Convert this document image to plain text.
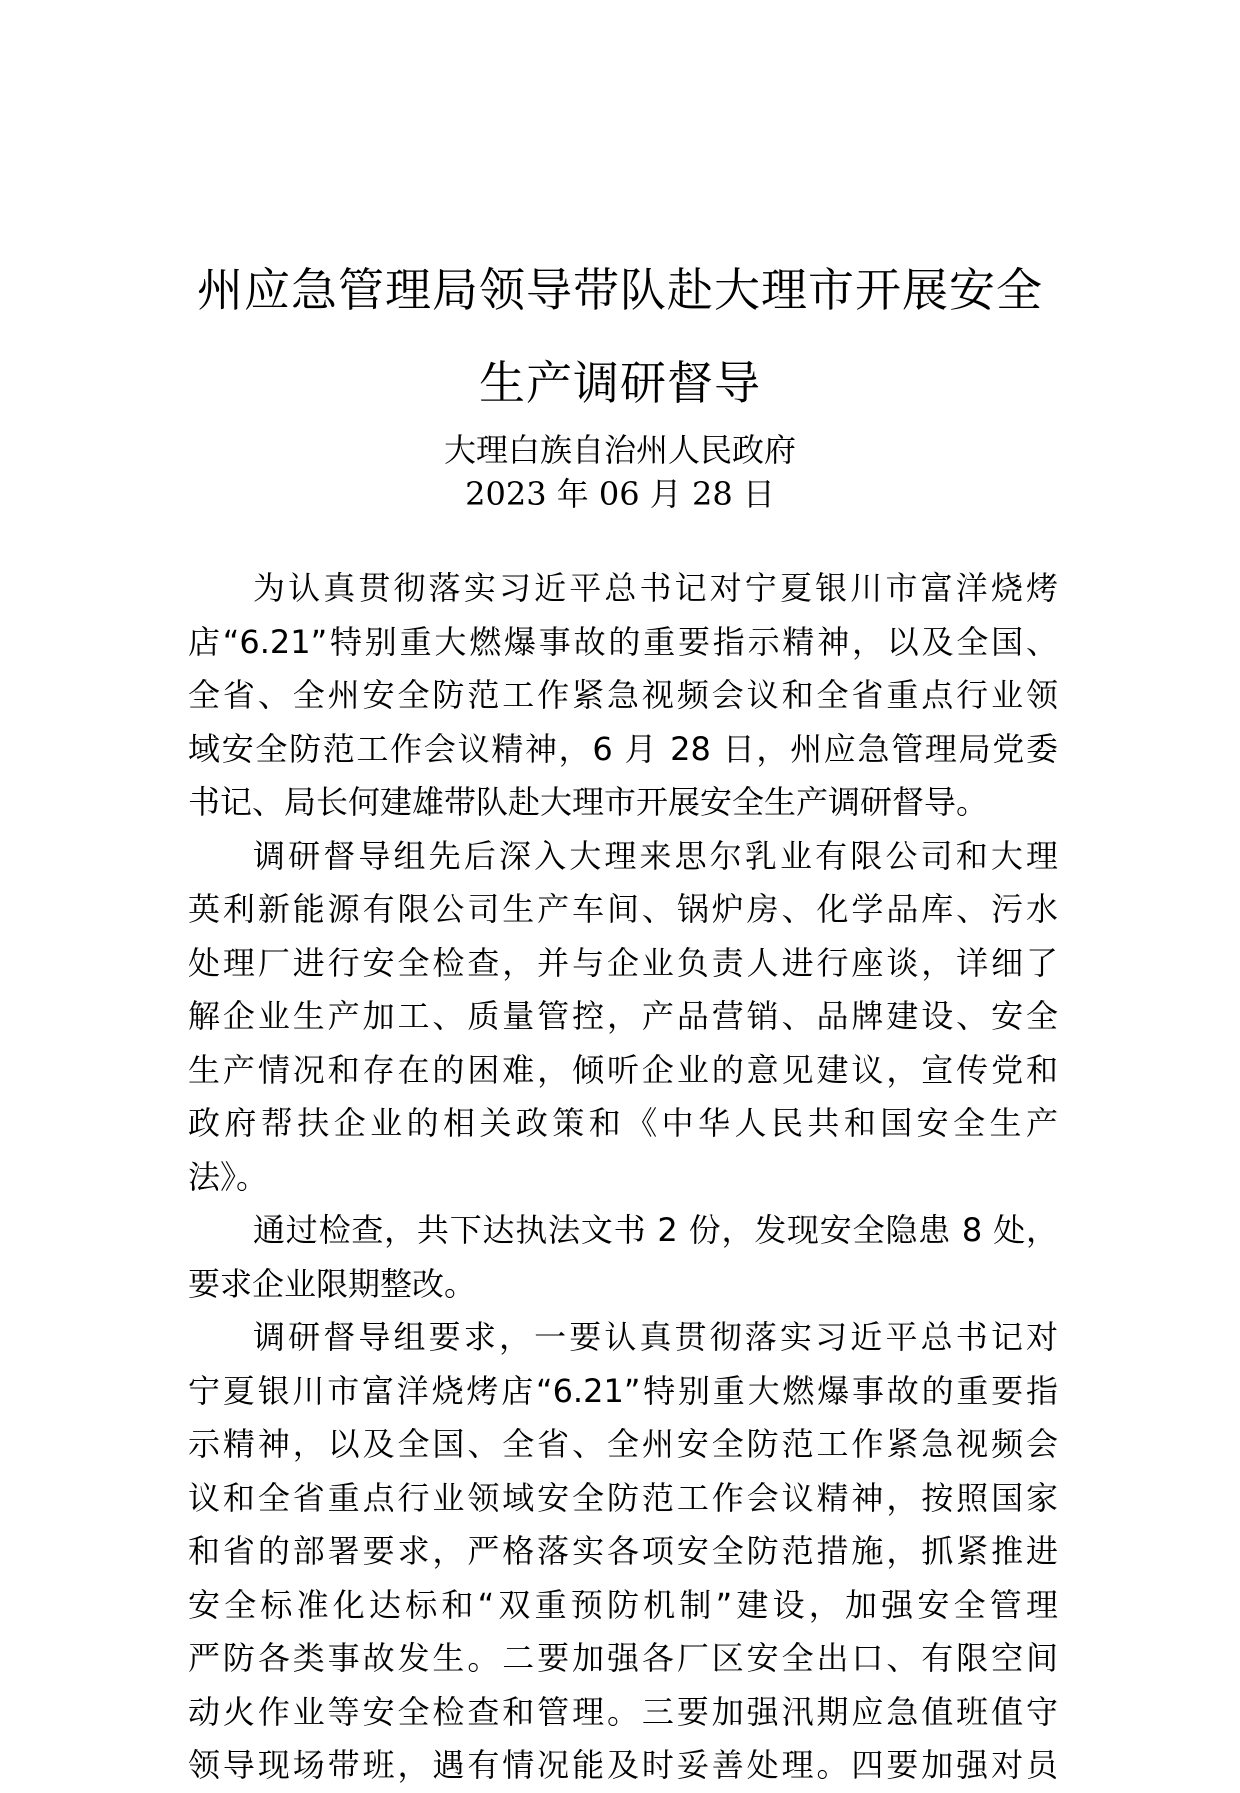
州应急管理局领导带队赴大理市开展安全
生产调研督导
大理白族自治州人民政府
2023 年 06 月 28 日
为认真贯彻落实习近平总书记对宁夏银川市富洋烧烤
店“6.21”特别重大燃爆事故的重要指示精神，以及全国、
全省、全州安全防范工作紧急视频会议和全省重点行业领
域安全防范工作会议精神，6 月 28 日，州应急管理局党委
书记、局长何建雄带队赴大理市开展安全生产调研督导。
调研督导组先后深入大理来思尔乳业有限公司和大理
英利新能源有限公司生产车间、锅炉房、化学品库、污水
处理厂进行安全检查，并与企业负责人进行座谈，详细了
解企业生产加工、质量管控，产品营销、品牌建设、安全
生产情况和存在的困难，倾听企业的意见建议，宣传党和
政府帮扶企业的相关政策和《中华人民共和国安全生产
法》。
通过检查，共下达执法文书 2 份，发现安全隐患 8 处，
要求企业限期整改。
调研督导组要求，一要认真贯彻落实习近平总书记对
宁夏银川市富洋烧烤店“6.21”特别重大燃爆事故的重要指
示精神，以及全国、全省、全州安全防范工作紧急视频会
议和全省重点行业领域安全防范工作会议精神，按照国家
和省的部署要求，严格落实各项安全防范措施，抓紧推进
安全标准化达标和“双重预防机制”建设，加强安全管理
严防各类事故发生。二要加强各厂区安全出口、有限空间
动火作业等安全检查和管理。三要加强汛期应急值班值守
领导现场带班，遇有情况能及时妥善处理。四要加强对员
